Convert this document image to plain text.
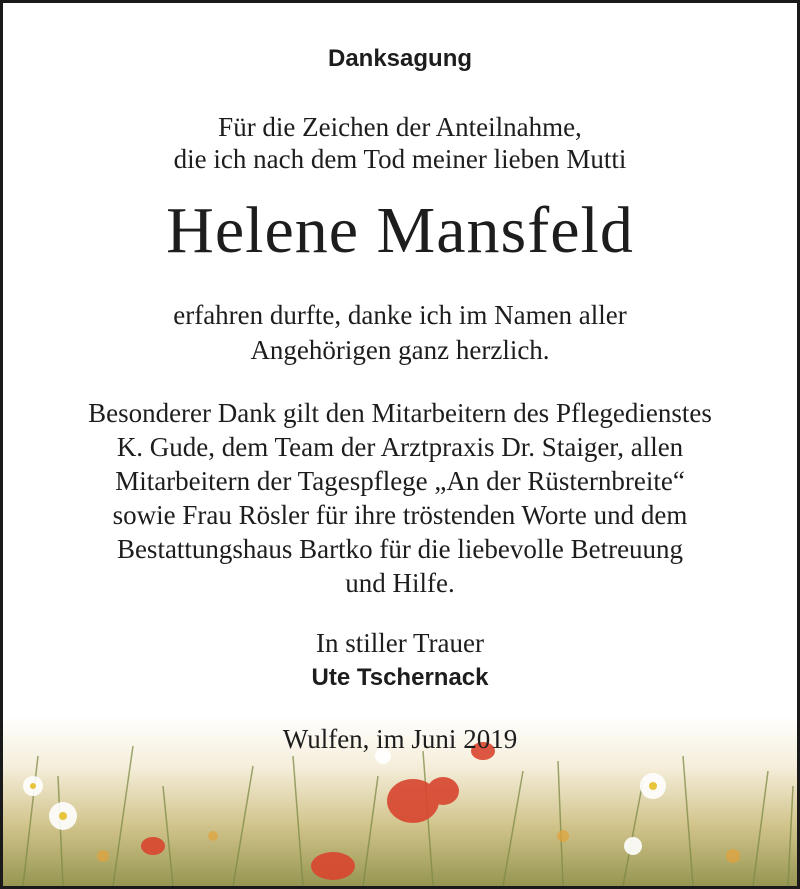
Danksagung
Für die Zeichen der Anteilnahme,
die ich nach dem Tod meiner lieben Mutti
Helene Mansfeld
erfahren durfte, danke ich im Namen aller
Angehörigen ganz herzlich.
Besonderer Dank gilt den Mitarbeitern des Pflegedienstes
K. Gude, dem Team der Arztpraxis Dr. Staiger, allen
Mitarbeitern der Tagespflege „An der Rüsternbreite“
sowie Frau Rösler für ihre tröstenden Worte und dem
Bestattungshaus Bartko für die liebevolle Betreuung
und Hilfe.
In stiller Trauer
Ute Tschernack
Wulfen, im Juni 2019
